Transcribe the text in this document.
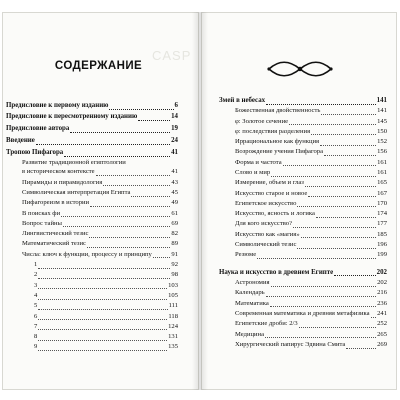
CASP
СОДЕРЖАНИЕ
Предисловие к первому изданию	6
Предисловие к пересмотренному изданию	14
Предисловие автора	19
Введение	24
Тропою Пифагора	41
Развитие традиционной египтологии
в историческом контексте	41
Пирамиды и пирамидология	43
Символическая интерпретация Египта	45
Пифагореизм в истории	49
В поисках фи	61
Вопрос тайны	69
Лингвистический тезис	82
Математический тезис	89
Числа: ключ к функции, процессу и принципу	91
1	92
2	98
3	103
4	105
5	111
6	118
7	124
8	131
9	135
Змей в небесах	141
Божественная двойственность	141
φ: Золотое сечение	145
φ: последствия разделения	150
Иррациональное как функция	152
Возрождение учения Пифагора	156
Форма и частота	161
Слово и мир	161
Измерение, объем и глаз	165
Искусство старое и новое	167
Египетское искусство	170
Искусство, ясность и логика	174
Для кого искусство?	177
Искусство как «магия»	185
Символический тезис	196
Резюме	199
Наука и искусство в древнем Египте	202
Астрономия	202
Календарь	216
Математика	236
Современная математика и древняя метафизика 241
Египетские дроби: 2/3	252
Медицина	265
Хирургический папирус Эдвина Смита	269
